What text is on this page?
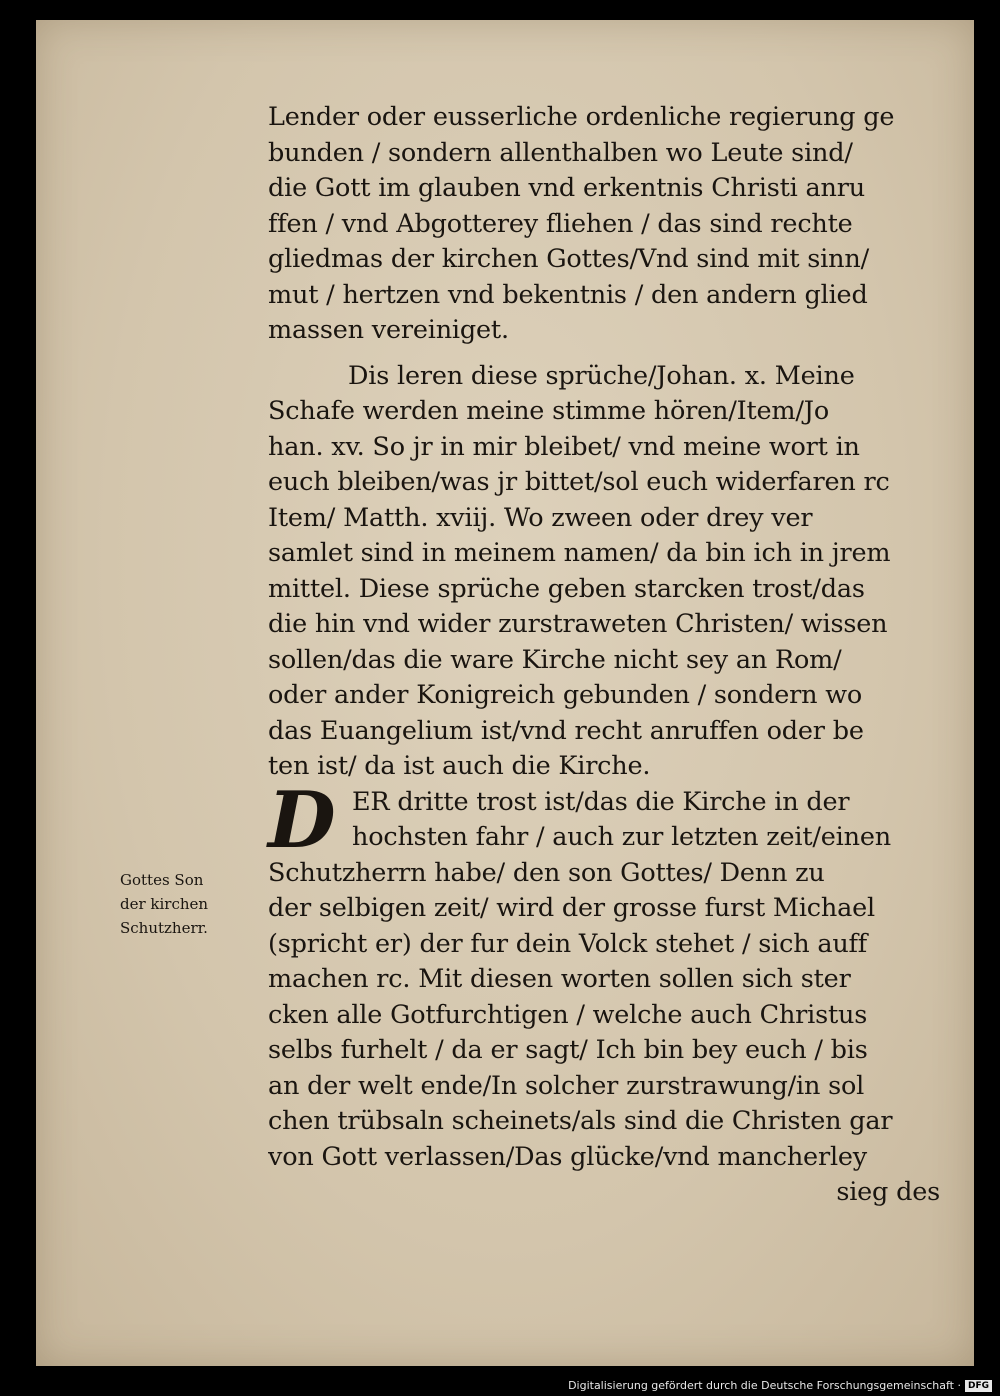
Gottes Son
der kirchen
Schutzherr.
Lender oder eusserliche ordenliche regierung ge
bunden / sondern allenthalben wo Leute sind/
die Gott im glauben vnd erkentnis Christi anru
ffen / vnd Abgotterey fliehen / das sind rechte
gliedmas der kirchen Gottes/Vnd sind mit sinn/
mut / hertzen vnd bekentnis / den andern glied
massen vereiniget.
Dis leren diese sprüche/Johan. x. Meine
Schafe werden meine stimme hören/Item/Jo
han. xv. So jr in mir bleibet/ vnd meine wort in
euch bleiben/was jr bittet/sol euch widerfaren rc
Item/ Matth. xviij. Wo zween oder drey ver
samlet sind in meinem namen/ da bin ich in jrem
mittel. Diese sprüche geben starcken trost/das
die hin vnd wider zurstraweten Christen/ wissen
sollen/das die ware Kirche nicht sey an Rom/
oder ander Konigreich gebunden / sondern wo
das Euangelium ist/vnd recht anruffen oder be
ten ist/ da ist auch die Kirche.
D ER dritte trost ist/das die Kirche in der
hochsten fahr / auch zur letzten zeit/einen
Schutzherrn habe/ den son Gottes/ Denn zu
der selbigen zeit/ wird der grosse furst Michael
(spricht er) der fur dein Volck stehet / sich auff
machen rc. Mit diesen worten sollen sich ster
cken alle Gotfurchtigen / welche auch Christus
selbs furhelt / da er sagt/ Ich bin bey euch / bis
an der welt ende/In solcher zurstrawung/in sol
chen trübsaln scheinets/als sind die Christen gar
von Gott verlassen/Das glücke/vnd mancherley
sieg des
Digitalisierung gefördert durch die Deutsche Forschungsgemeinschaft · DFG
